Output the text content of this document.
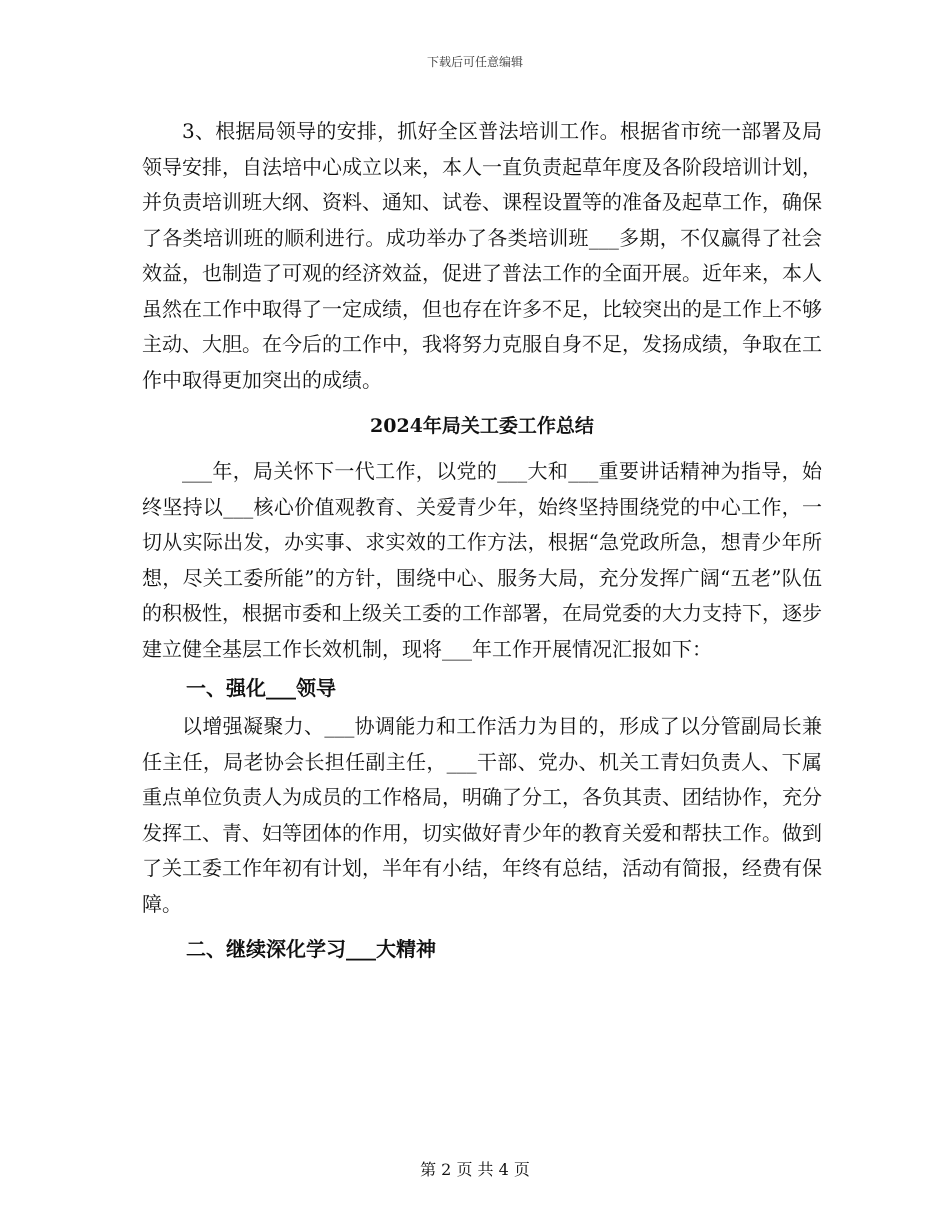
下载后可任意编辑

3、根据局领导的安排，抓好全区普法培训工作。根据省市统一部署及局领导安排，自法培中心成立以来，本人一直负责起草年度及各阶段培训计划，并负责培训班大纲、资料、通知、试卷、课程设置等的准备及起草工作，确保了各类培训班的顺利进行。成功举办了各类培训班___多期，不仅赢得了社会效益，也制造了可观的经济效益，促进了普法工作的全面开展。近年来，本人虽然在工作中取得了一定成绩，但也存在许多不足，比较突出的是工作上不够主动、大胆。在今后的工作中，我将努力克服自身不足，发扬成绩，争取在工作中取得更加突出的成绩。

2024年局关工委工作总结

___年，局关怀下一代工作，以党的___大和___重要讲话精神为指导，始终坚持以___核心价值观教育、关爱青少年，始终坚持围绕党的中心工作，一切从实际出发，办实事、求实效的工作方法，根据“急党政所急，想青少年所想，尽关工委所能”的方针，围绕中心、服务大局，充分发挥广阔“五老”队伍的积极性，根据市委和上级关工委的工作部署，在局党委的大力支持下，逐步建立健全基层工作长效机制，现将___年工作开展情况汇报如下：

一、强化___领导

以增强凝聚力、___协调能力和工作活力为目的，形成了以分管副局长兼任主任，局老协会长担任副主任，___干部、党办、机关工青妇负责人、下属重点单位负责人为成员的工作格局，明确了分工，各负其责、团结协作，充分发挥工、青、妇等团体的作用，切实做好青少年的教育关爱和帮扶工作。做到了关工委工作年初有计划，半年有小结，年终有总结，活动有简报，经费有保障。

二、继续深化学习___大精神

第 2 页 共 4 页
